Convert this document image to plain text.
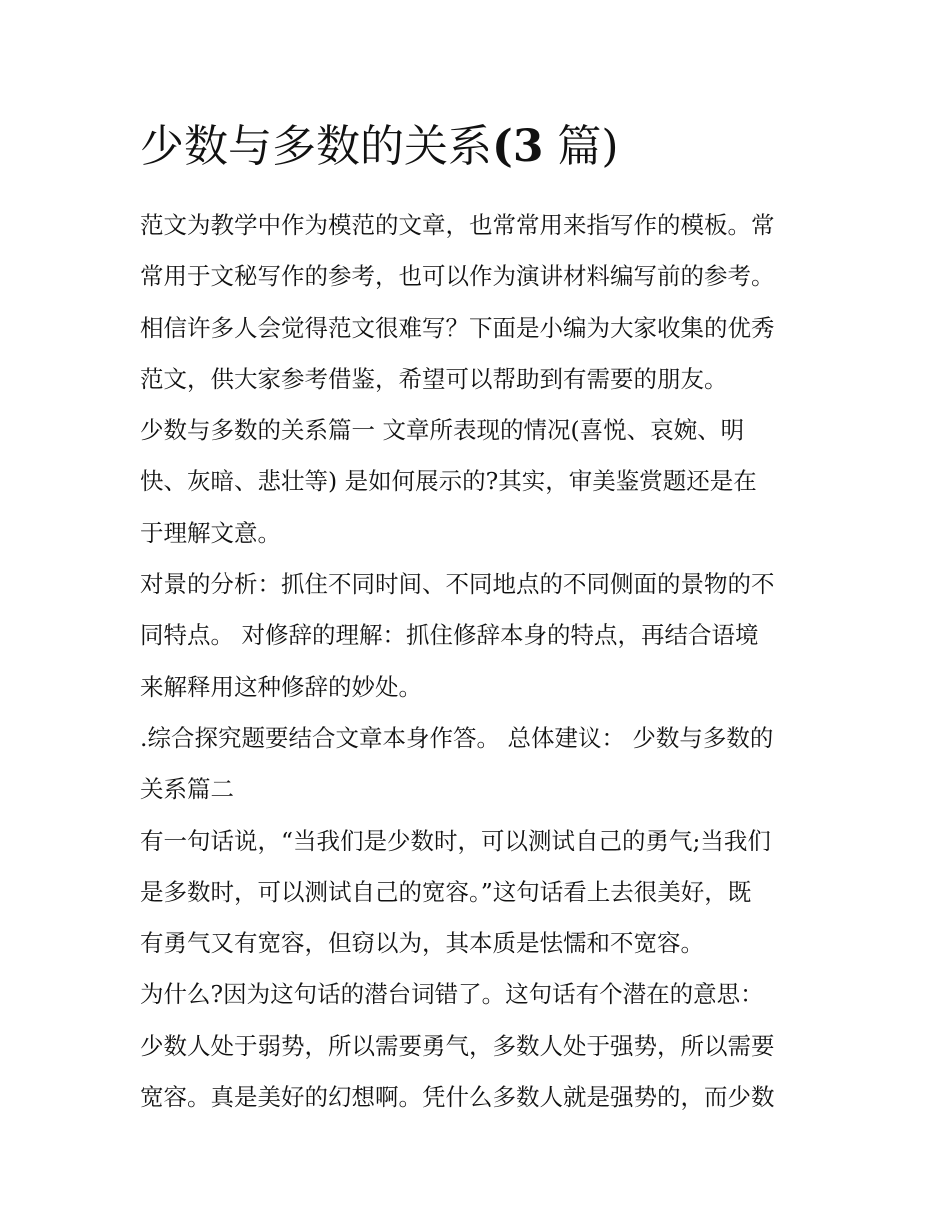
少数与多数的关系(3 篇)
范文为教学中作为模范的文章，也常常用来指写作的模板。常
常用于文秘写作的参考，也可以作为演讲材料编写前的参考。
相信许多人会觉得范文很难写？下面是小编为大家收集的优秀
范文，供大家参考借鉴，希望可以帮助到有需要的朋友。
少数与多数的关系篇一 文章所表现的情况(喜悦、哀婉、明
快、灰暗、悲壮等) 是如何展示的?其实，审美鉴赏题还是在
于理解文意。
对景的分析：抓住不同时间、不同地点的不同侧面的景物的不
同特点。 对修辞的理解：抓住修辞本身的特点，再结合语境
来解释用这种修辞的妙处。
.综合探究题要结合文章本身作答。 总体建议： 少数与多数的
关系篇二
有一句话说，“当我们是少数时，可以测试自己的勇气;当我们
是多数时，可以测试自己的宽容。”这句话看上去很美好，既
有勇气又有宽容，但窃以为，其本质是怯懦和不宽容。
为什么?因为这句话的潜台词错了。这句话有个潜在的意思：
少数人处于弱势，所以需要勇气，多数人处于强势，所以需要
宽容。真是美好的幻想啊。凭什么多数人就是强势的，而少数
